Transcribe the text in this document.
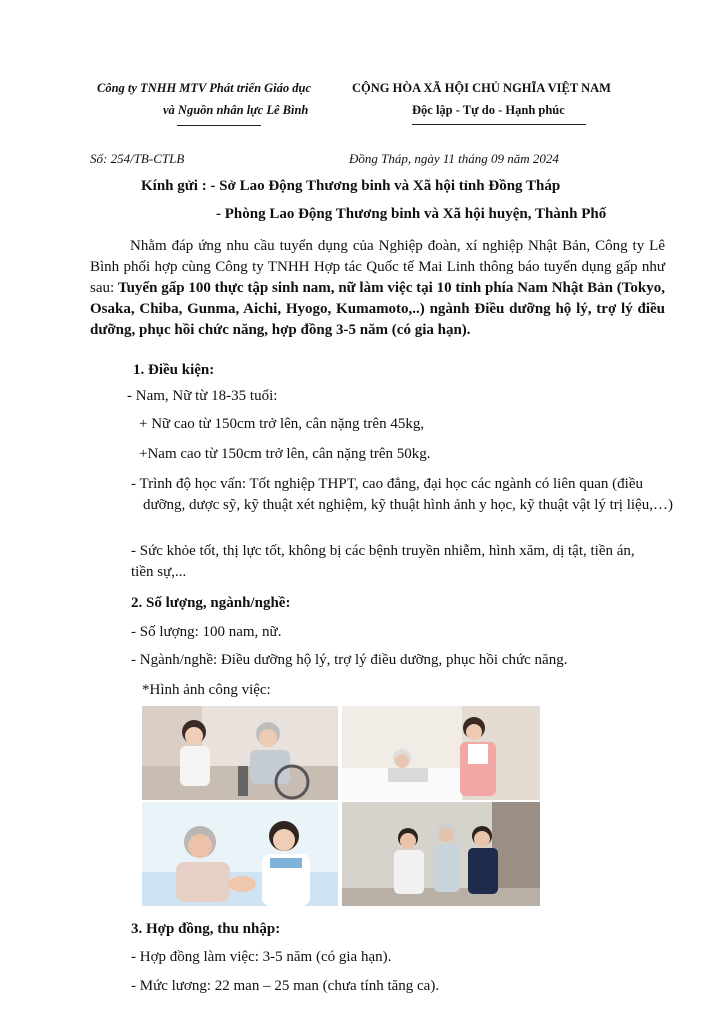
Công ty TNHH MTV Phát triển Giáo dục
và Nguồn nhân lực Lê Bình
CỘNG HÒA XÃ HỘI CHỦ NGHĨA VIỆT NAM
Độc lập - Tự do - Hạnh phúc
Số: 254/TB-CTLB	Đồng Tháp, ngày 11 tháng 09 năm 2024
Kính gửi : - Sở Lao Động Thương binh và Xã hội tỉnh Đồng Tháp
- Phòng Lao Động Thương binh và Xã hội huyện, Thành Phố
Nhằm đáp ứng nhu cầu tuyển dụng của Nghiệp đoàn, xí nghiệp Nhật Bản, Công ty Lê Bình phối hợp cùng Công ty TNHH Hợp tác Quốc tế Mai Linh thông báo tuyển dụng gấp như sau: Tuyển gấp 100 thực tập sinh nam, nữ làm việc tại 10 tỉnh phía Nam Nhật Bản (Tokyo, Osaka, Chiba, Gunma, Aichi, Hyogo, Kumamoto,..) ngành Điều dưỡng hộ lý, trợ lý điều dưỡng, phục hồi chức năng, hợp đồng 3-5 năm (có gia hạn).
1. Điều kiện:
- Nam, Nữ từ 18-35 tuổi:
+ Nữ cao từ 150cm trở lên, cân nặng trên 45kg,
+Nam cao từ 150cm trở lên, cân nặng trên 50kg.
- Trình độ học vấn: Tốt nghiệp THPT, cao đẳng, đại học các ngành có liên quan (điều dưỡng, dược sỹ, kỹ thuật xét nghiệm, kỹ thuật hình ảnh y học, kỹ thuật vật lý trị liệu,…)
- Sức khỏe tốt, thị lực tốt, không bị các bệnh truyền nhiễm, hình xăm, dị tật, tiền án, tiền sự,...
2. Số lượng, ngành/nghề:
- Số lượng: 100 nam, nữ.
- Ngành/nghề: Điều dưỡng hộ lý, trợ lý điều dưỡng, phục hồi chức năng.
*Hình ảnh công việc:
3. Hợp đồng, thu nhập:
- Hợp đồng làm việc: 3-5 năm (có gia hạn).
- Mức lương: 22 man – 25 man (chưa tính tăng ca).
